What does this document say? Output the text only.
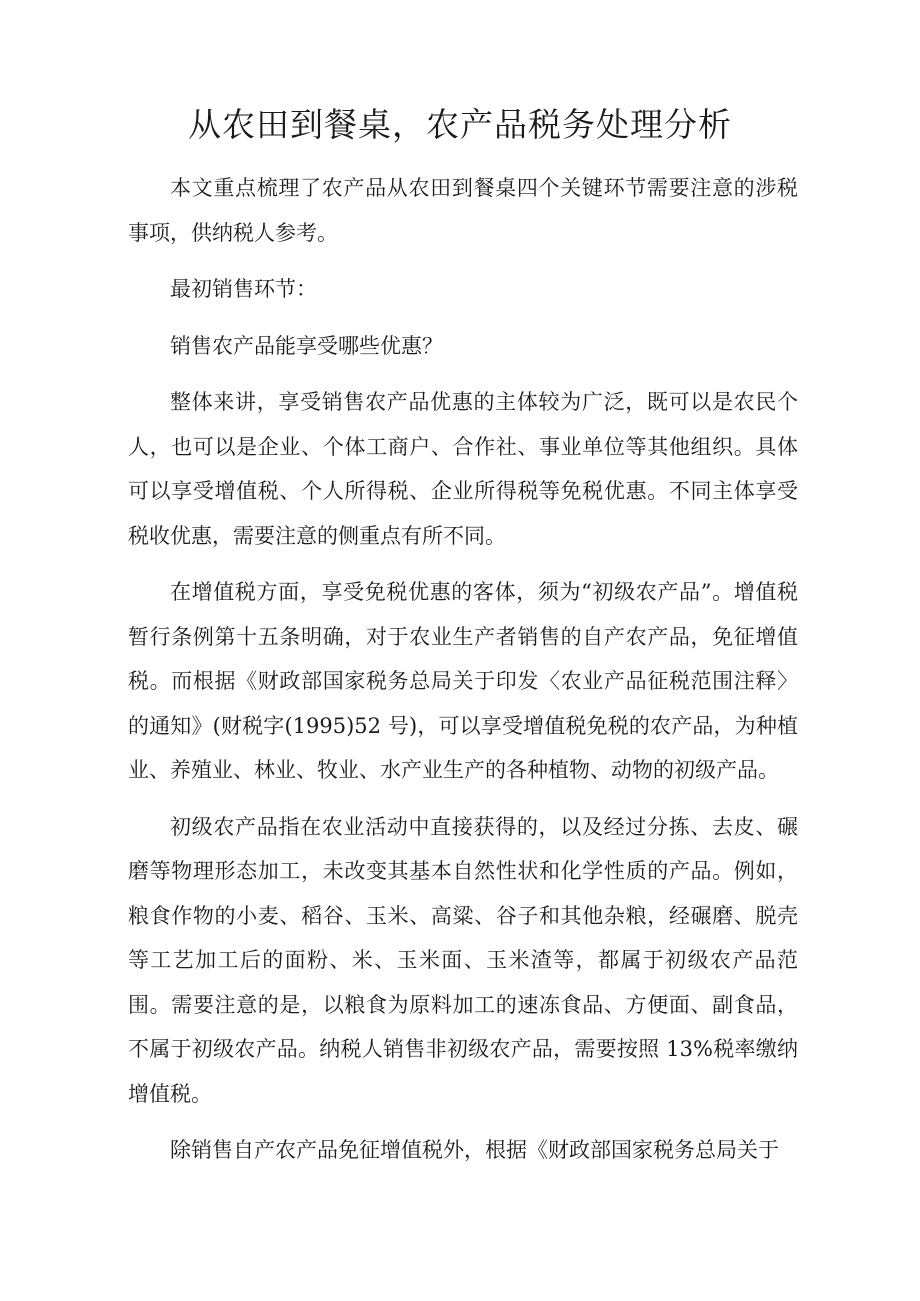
从农田到餐桌，农产品税务处理分析

本文重点梳理了农产品从农田到餐桌四个关键环节需要注意的涉税事项，供纳税人参考。

最初销售环节：

销售农产品能享受哪些优惠？

整体来讲，享受销售农产品优惠的主体较为广泛，既可以是农民个人，也可以是企业、个体工商户、合作社、事业单位等其他组织。具体可以享受增值税、个人所得税、企业所得税等免税优惠。不同主体享受税收优惠，需要注意的侧重点有所不同。

在增值税方面，享受免税优惠的客体，须为“初级农产品”。增值税暂行条例第十五条明确，对于农业生产者销售的自产农产品，免征增值税。而根据《财政部国家税务总局关于印发〈农业产品征税范围注释〉的通知》(财税字(1995)52 号)，可以享受增值税免税的农产品，为种植业、养殖业、林业、牧业、水产业生产的各种植物、动物的初级产品。

初级农产品指在农业活动中直接获得的，以及经过分拣、去皮、碾磨等物理形态加工，未改变其基本自然性状和化学性质的产品。例如，粮食作物的小麦、稻谷、玉米、高粱、谷子和其他杂粮，经碾磨、脱壳等工艺加工后的面粉、米、玉米面、玉米渣等，都属于初级农产品范围。需要注意的是，以粮食为原料加工的速冻食品、方便面、副食品，不属于初级农产品。纳税人销售非初级农产品，需要按照 13%税率缴纳增值税。

除销售自产农产品免征增值税外，根据《财政部国家税务总局关于
